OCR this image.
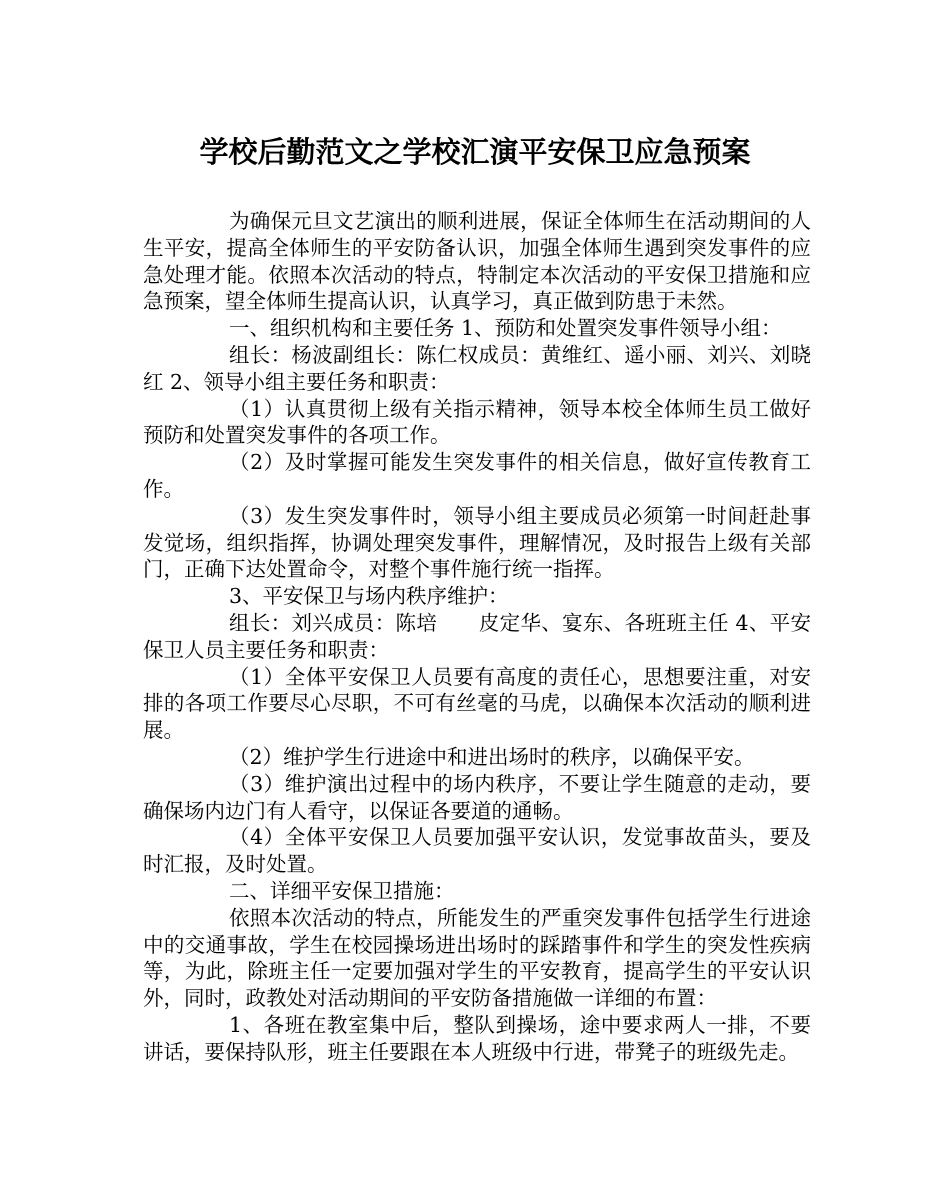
学校后勤范文之学校汇演平安保卫应急预案

为确保元旦文艺演出的顺利进展，保证全体师生在活动期间的人生平安，提高全体师生的平安防备认识，加强全体师生遇到突发事件的应急处理才能。依照本次活动的特点，特制定本次活动的平安保卫措施和应急预案，望全体师生提高认识，认真学习，真正做到防患于未然。

一、组织机构和主要任务 1、预防和处置突发事件领导小组：

组长：杨波副组长：陈仁权成员：黄维红、遥小丽、刘兴、刘晓红 2、领导小组主要任务和职责：

（1）认真贯彻上级有关指示精神，领导本校全体师生员工做好预防和处置突发事件的各项工作。

（2）及时掌握可能发生突发事件的相关信息，做好宣传教育工作。

（3）发生突发事件时，领导小组主要成员必须第一时间赶赴事发觉场，组织指挥，协调处理突发事件，理解情况，及时报告上级有关部门，正确下达处置命令，对整个事件施行统一指挥。

3、平安保卫与场内秩序维护：

组长：刘兴成员：陈培　　皮定华、宴东、各班班主任 4、平安保卫人员主要任务和职责：

（1）全体平安保卫人员要有高度的责任心，思想要注重，对安排的各项工作要尽心尽职，不可有丝毫的马虎，以确保本次活动的顺利进展。

（2）维护学生行进途中和进出场时的秩序，以确保平安。

（3）维护演出过程中的场内秩序，不要让学生随意的走动，要确保场内边门有人看守，以保证各要道的通畅。

（4）全体平安保卫人员要加强平安认识，发觉事故苗头，要及时汇报，及时处置。

二、详细平安保卫措施：

依照本次活动的特点，所能发生的严重突发事件包括学生行进途中的交通事故，学生在校园操场进出场时的踩踏事件和学生的突发性疾病等，为此，除班主任一定要加强对学生的平安教育，提高学生的平安认识外，同时，政教处对活动期间的平安防备措施做一详细的布置：

1、各班在教室集中后，整队到操场，途中要求两人一排，不要讲话，要保持队形，班主任要跟在本人班级中行进，带凳子的班级先走。
